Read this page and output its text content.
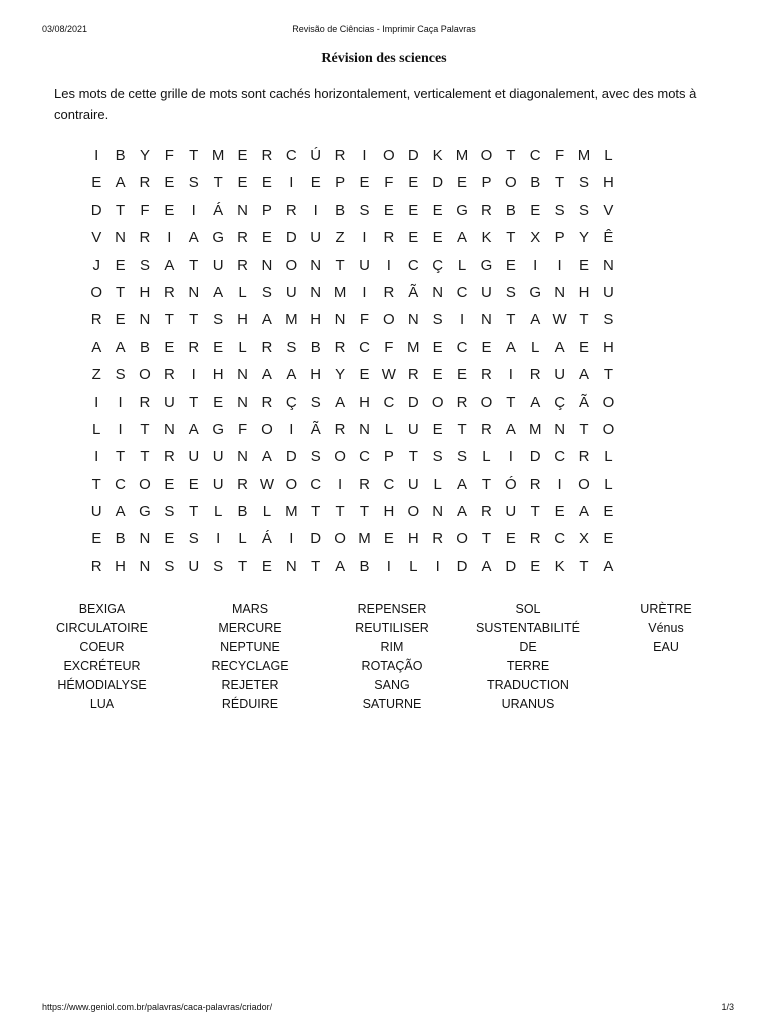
03/08/2021	Revisão de Ciências - Imprimir Caça Palavras
Révision des sciences
Les mots de cette grille de mots sont cachés horizontalement, verticalement et diagonalement, avec des mots à contraire.
I B Y F T M E R C Ú R I O D K M O T C F M L
E A R E S T E E I E P E F E D E P O B T S H
D T F E I Á N P R I B S E E E G R B E S S V
V N R I A G R E D U Z I R E E A K T X P Y Ê
J E S A T U R N O N T U I C Ç L G E I I E N
O T H R N A L S U N M I R Ã N C U S G N H U
R E N T T S H A M H N F O N S I N T A W T S
A A B E R E L R S B R C F M E C E A L A E H
Z S O R I H N A A H Y E W R E E R I R U A T
I I R U T E N R Ç S A H C D O R O T A Ç Ã O
L I T N A G F O I Ã R N L U E T R A M N T O
I T T R U U N A D S O C P T S S L I D C R L
T C O E E U R W O C I R C U L A T Ó R I O L
U A G S T L B L M T T T H O N A R U T E A E
E B N E S I L Á I D O M E H R O T E R C X E
R H N S U S T E N T A B I L I D A D E K T A
BEXIGA
CIRCULATOIRE
COEUR
EXCRÉTEUR
HÉMODIALYSE
LUA
MARS
MERCURE
NEPTUNE
RECYCLAGE
REJETER
RÉDUIRE
REPENSER
REUTILISER
RIM
ROTAÇÃO
SANG
SATURNE
SOL
SUSTENTABILITÉ
DE
TERRE
TRADUCTION
URANUS
URÈTRE
Vénus
EAU
https://www.geniol.com.br/palavras/caca-palavras/criador/	1/3
